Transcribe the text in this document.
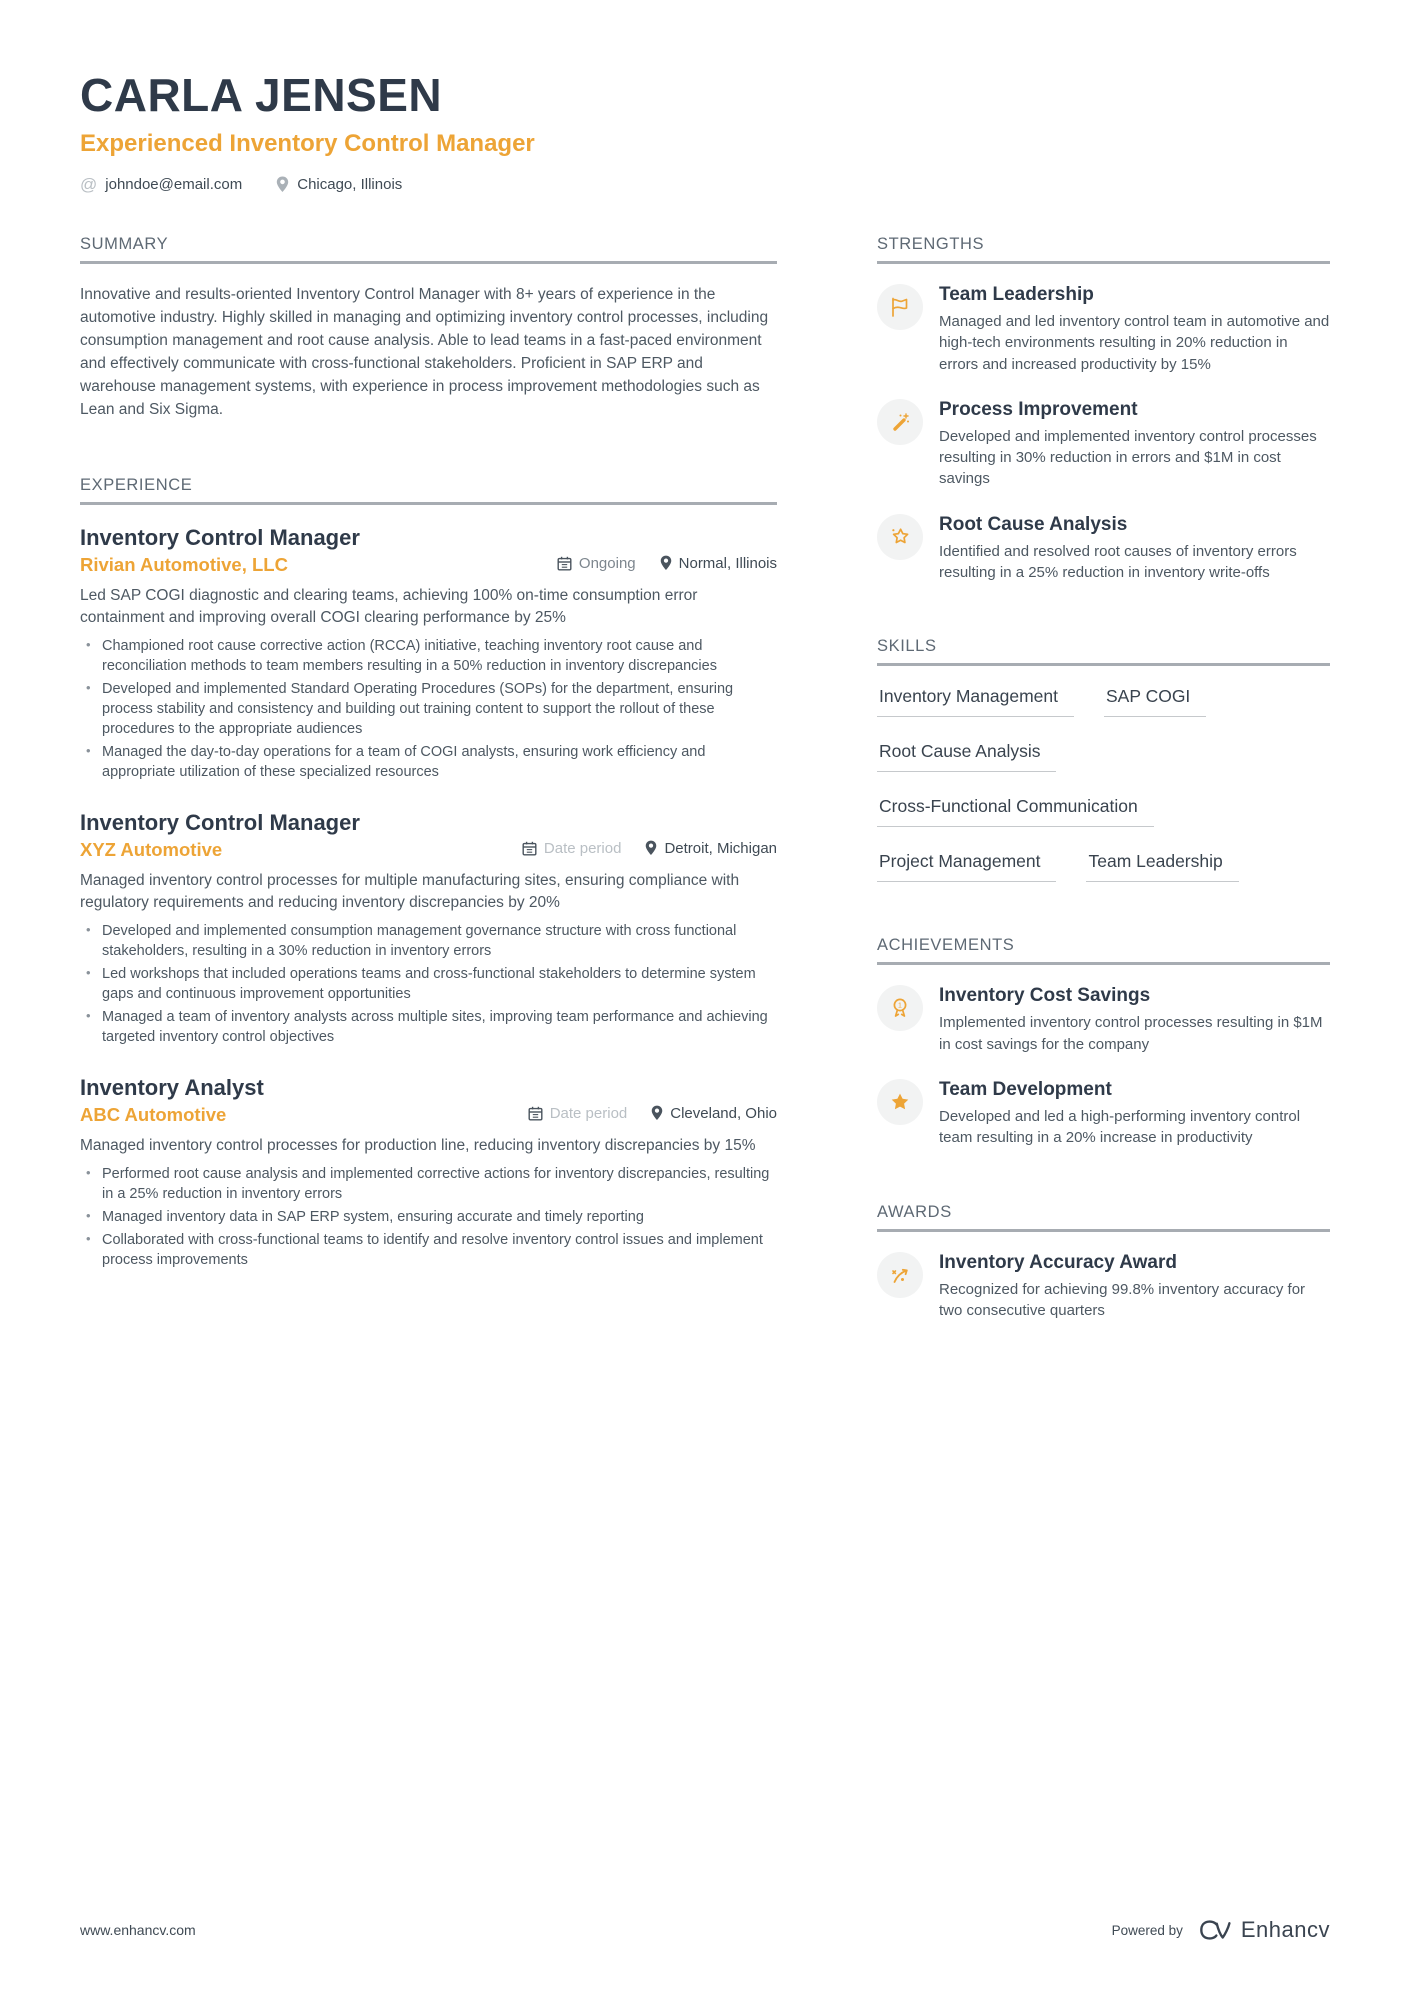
CARLA JENSEN
Experienced Inventory Control Manager
@ johndoe@email.com	Chicago, Illinois
SUMMARY

Innovative and results-oriented Inventory Control Manager with 8+ years of experience in the automotive industry. Highly skilled in managing and optimizing inventory control processes, including consumption management and root cause analysis. Able to lead teams in a fast-paced environment and effectively communicate with cross-functional stakeholders. Proficient in SAP ERP and warehouse management systems, with experience in process improvement methodologies such as Lean and Six Sigma.

EXPERIENCE
Inventory Control Manager
Rivian Automotive, LLC	Ongoing	Normal, Illinois

Led SAP COGI diagnostic and clearing teams, achieving 100% on-time consumption error containment and improving overall COGI clearing performance by 25%

• Championed root cause corrective action (RCCA) initiative, teaching inventory root cause and reconciliation methods to team members resulting in a 50% reduction in inventory discrepancies
• Developed and implemented Standard Operating Procedures (SOPs) for the department, ensuring process stability and consistency and building out training content to support the rollout of these procedures to the appropriate audiences
• Managed the day-to-day operations for a team of COGI analysts, ensuring work efficiency and appropriate utilization of these specialized resources
Inventory Control Manager
XYZ Automotive	Date period	Detroit, Michigan

Managed inventory control processes for multiple manufacturing sites, ensuring compliance with regulatory requirements and reducing inventory discrepancies by 20%

• Developed and implemented consumption management governance structure with cross functional stakeholders, resulting in a 30% reduction in inventory errors
• Led workshops that included operations teams and cross-functional stakeholders to determine system gaps and continuous improvement opportunities
• Managed a team of inventory analysts across multiple sites, improving team performance and achieving targeted inventory control objectives
Inventory Analyst
ABC Automotive	Date period	Cleveland, Ohio

Managed inventory control processes for production line, reducing inventory discrepancies by 15%

• Performed root cause analysis and implemented corrective actions for inventory discrepancies, resulting in a 25% reduction in inventory errors
• Managed inventory data in SAP ERP system, ensuring accurate and timely reporting
• Collaborated with cross-functional teams to identify and resolve inventory control issues and implement process improvements
STRENGTHS
Team Leadership

Managed and led inventory control team in automotive and high-tech environments resulting in 20% reduction in errors and increased productivity by 15%

Process Improvement

Developed and implemented inventory control processes resulting in 30% reduction in errors and $1M in cost savings

Root Cause Analysis

Identified and resolved root causes of inventory errors resulting in a 25% reduction in inventory write-offs

SKILLS
Inventory Management	SAP COGI
Root Cause Analysis
Cross-Functional Communication
Project Management	Team Leadership
ACHIEVEMENTS
1
Inventory Cost Savings

Implemented inventory control processes resulting in $1M in cost savings for the company

Team Development

Developed and led a high-performing inventory control team resulting in a 20% increase in productivity

AWARDS
Inventory Accuracy Award

Recognized for achieving 99.8% inventory accuracy for two consecutive quarters

www.enhancv.com	Powered by	Enhancv
